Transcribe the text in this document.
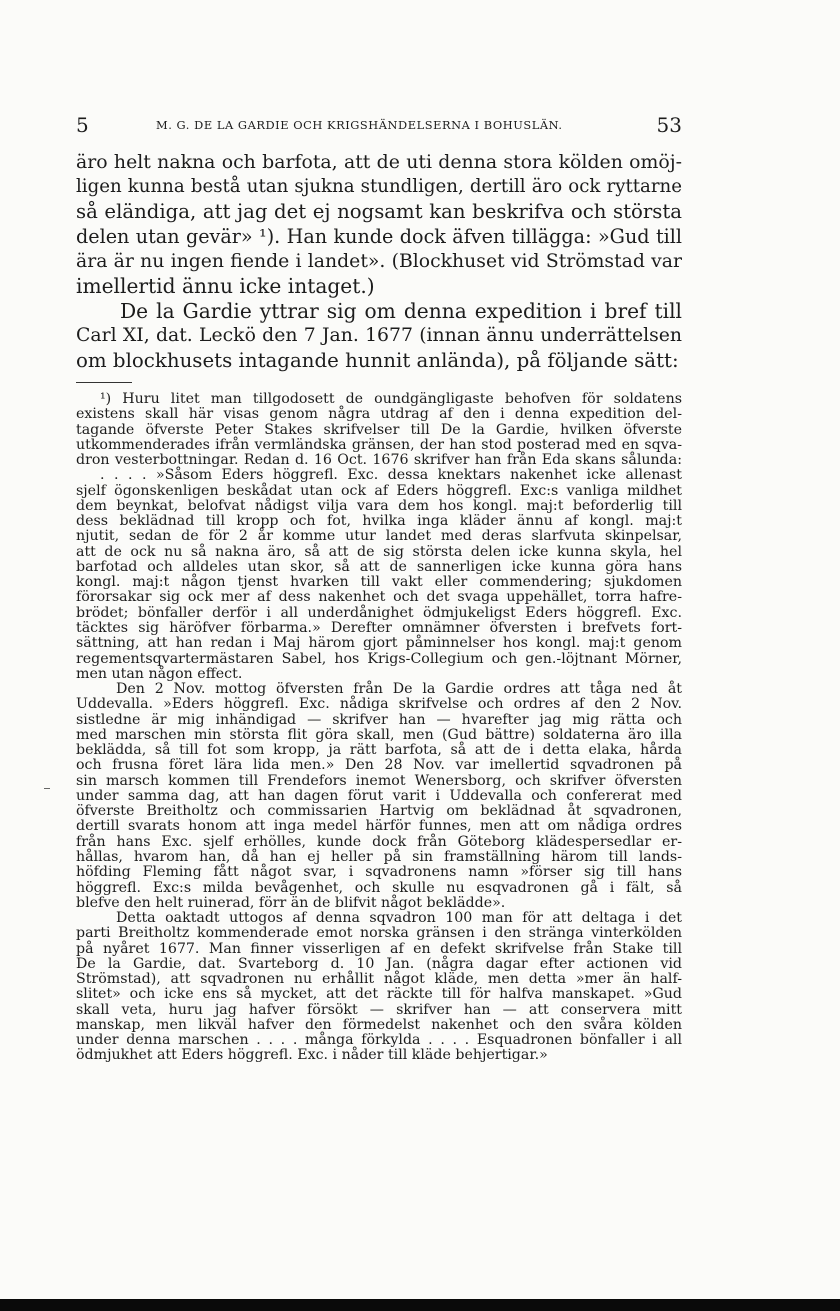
5	M. G. DE LA GARDIE OCH KRIGSHÄNDELSERNA I BOHUSLÄN.	53
äro helt nakna och barfota, att de uti denna stora kölden omöj-
ligen kunna bestå utan sjukna stundligen, dertill äro ock ryttarne
så eländiga, att jag det ej nogsamt kan beskrifva och största
delen utan gevär» ¹). Han kunde dock äfven tillägga: »Gud till
ära är nu ingen fiende i landet». (Blockhuset vid Strömstad var
imellertid ännu icke intaget.)
De la Gardie yttrar sig om denna expedition i bref till
Carl XI, dat. Leckö den 7 Jan. 1677 (innan ännu underrättelsen
om blockhusets intagande hunnit anlända), på följande sätt:
¹) Huru litet man tillgodosett de oundgängligaste behofven för soldatens
existens skall här visas genom några utdrag af den i denna expedition del-
tagande öfverste Peter Stakes skrifvelser till De la Gardie, hvilken öfverste
utkommenderades ifrån vermländska gränsen, der han stod posterad med en sqva-
dron vesterbottningar. Redan d. 16 Oct. 1676 skrifver han från Eda skans sålunda:
. . . . »Såsom Eders höggrefl. Exc. dessa knektars nakenhet icke allenast
sjelf ögonskenligen beskådat utan ock af Eders höggrefl. Exc:s vanliga mildhet
dem beynkat, belofvat nådigst vilja vara dem hos kongl. maj:t beforderlig till
dess beklädnad till kropp och fot, hvilka inga kläder ännu af kongl. maj:t
njutit, sedan de för 2 år komme utur landet med deras slarfvuta skinpelsar,
att de ock nu så nakna äro, så att de sig största delen icke kunna skyla, hel
barfotad och alldeles utan skor, så att de sannerligen icke kunna göra hans
kongl. maj:t någon tjenst hvarken till vakt eller commendering; sjukdomen
förorsakar sig ock mer af dess nakenhet och det svaga uppehället, torra hafre-
brödet; bönfaller derför i all underdånighet ödmjukeligst Eders höggrefl. Exc.
täcktes sig häröfver förbarma.» Derefter omnämner öfversten i brefvets fort-
sättning, att han redan i Maj härom gjort påminnelser hos kongl. maj:t genom
regementsqvartermästaren Sabel, hos Krigs-Collegium och gen.-löjtnant Mörner,
men utan någon effect.
Den 2 Nov. mottog öfversten från De la Gardie ordres att tåga ned åt
Uddevalla. »Eders höggrefl. Exc. nådiga skrifvelse och ordres af den 2 Nov.
sistledne är mig inhändigad — skrifver han — hvarefter jag mig rätta och
med marschen min största flit göra skall, men (Gud bättre) soldaterna äro illa
beklädda, så till fot som kropp, ja rätt barfota, så att de i detta elaka, hårda
och frusna föret lära lida men.» Den 28 Nov. var imellertid sqvadronen på
sin marsch kommen till Frendefors inemot Wenersborg, och skrifver öfversten
under samma dag, att han dagen förut varit i Uddevalla och confererat med
öfverste Breitholtz och commissarien Hartvig om beklädnad åt sqvadronen,
dertill svarats honom att inga medel härför funnes, men att om nådiga ordres
från hans Exc. sjelf erhölles, kunde dock från Göteborg klädespersedlar er-
hållas, hvarom han, då han ej heller på sin framställning härom till lands-
höfding Fleming fått något svar, i sqvadronens namn »förser sig till hans
höggrefl. Exc:s milda bevågenhet, och skulle nu esqvadronen gå i fält, så
blefve den helt ruinerad, förr än de blifvit något beklädde».
Detta oaktadt uttogos af denna sqvadron 100 man för att deltaga i det
parti Breitholtz kommenderade emot norska gränsen i den stränga vinterkölden
på nyåret 1677. Man finner visserligen af en defekt skrifvelse från Stake till
De la Gardie, dat. Svarteborg d. 10 Jan. (några dagar efter actionen vid
Strömstad), att sqvadronen nu erhållit något kläde, men detta »mer än half-
slitet» och icke ens så mycket, att det räckte till för halfva manskapet. »Gud
skall veta, huru jag hafver försökt — skrifver han — att conservera mitt
manskap, men likväl hafver den förmedelst nakenhet och den svåra kölden
under denna marschen . . . . många förkylda . . . . Esquadronen bönfaller i all
ödmjukhet att Eders höggrefl. Exc. i nåder till kläde behjertigar.»
